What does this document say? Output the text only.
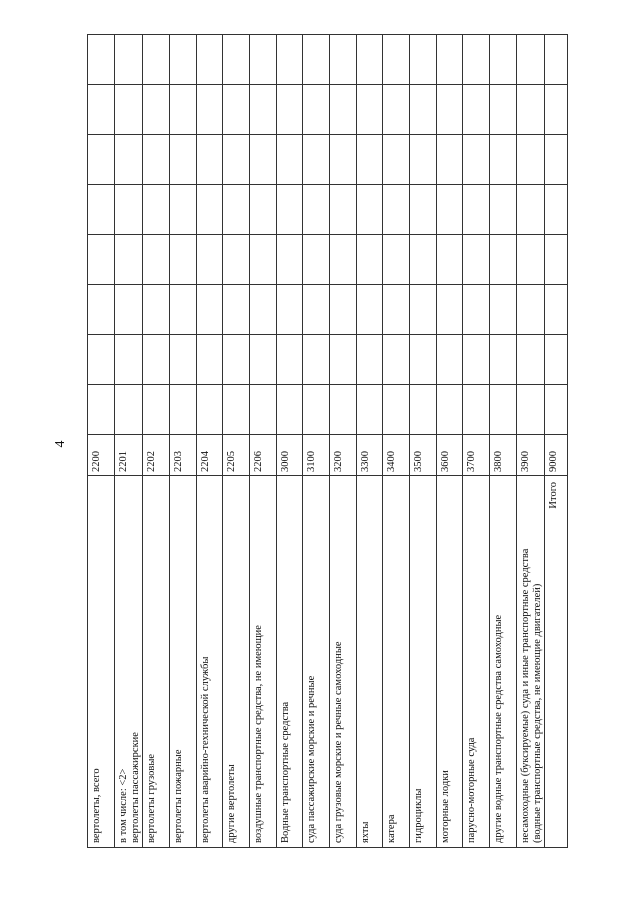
4
вертолеты, всего	2200								

в том числе: <2> вертолеты пассажирские	2201								

вертолеты грузовые	2202								

вертолеты пожарные	2203								

вертолеты аварийно-технической службы	2204								

другие вертолеты	2205								

воздушные транспортные средства, не имеющие	2206								

Водные транспортные средства	3000								

суда пассажирские морские и речные	3100								

суда грузовые морские и речные самоходные	3200								

яхты	3300								

катера	3400								

гидроциклы	3500								

моторные лодки	3600								

парусно-моторные суда	3700								

другие водные транспортные средства самоходные	3800								

несамоходные (буксируемые) суда и иные транспортные средства (водные транспортные средства, не имеющие двигателей)	3900								

Итого	9000								
